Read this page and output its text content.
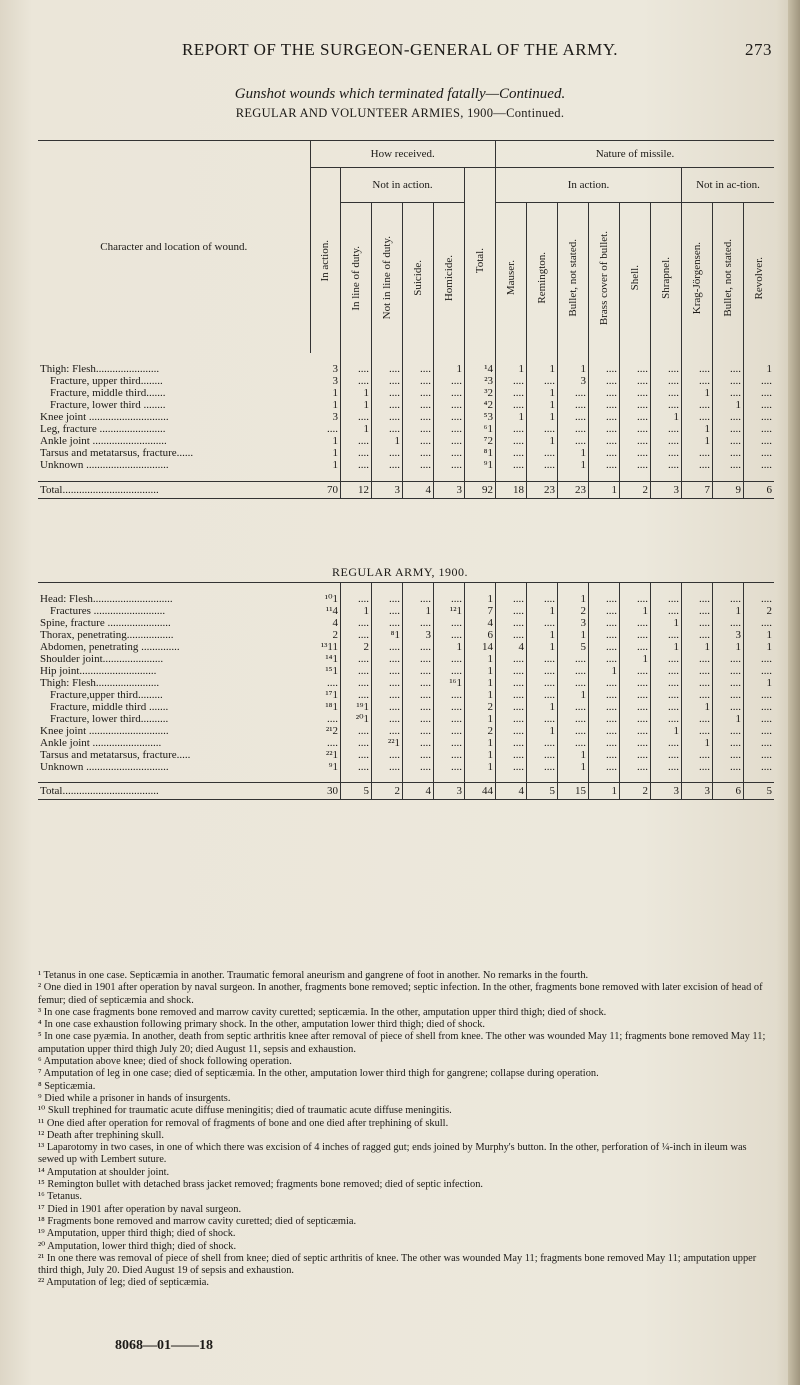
REPORT OF THE SURGEON-GENERAL OF THE ARMY.	273
Gunshot wounds which terminated fatally—Continued.
REGULAR AND VOLUNTEER ARMIES, 1900—Continued.
Character and location of wound.	How received.						Nature of missile.								

	In action.	Not in action.				Total.	In action.						Not in ac-tion.		

		In line of duty.	Not in line of duty.	Suicide.	Homicide.		Mauser.	Remington.	Bullet, not stated.	Brass cover of bullet.	Shell.	Shrapnel.	Krag-Jörgensen.	Bullet, not stated.	Revolver.

Thigh: Flesh.......................	3	....	....	....	1	¹4	1	1	1	....	....	....	....	....	1
Fracture, upper third........	3	....	....	....	....	²3	....	....	3	....	....	....	....	....	....
Fracture, middle third.......	1	1	....	....	....	³2	....	1	....	....	....	....	1	....	....
Fracture, lower third ........	1	1	....	....	....	⁴2	....	1	....	....	....	....	....	1	....
Knee joint .............................	3	....	....	....	....	⁵3	1	1	....	....	....	1	....	....	....
Leg, fracture ........................	....	1	....	....	....	⁶1	....	....	....	....	....	....	1	....	....
Ankle joint ...........................	1	....	1	....	....	⁷2	....	1	....	....	....	....	1	....	....
Tarsus and metatarsus, fracture......	1	....	....	....	....	⁸1	....	....	1	....	....	....	....	....	....
Unknown ..............................	1	....	....	....	....	⁹1	....	....	1	....	....	....	....	....	....

Total...................................	70	12	3	4	3	92	18	23	23	1	2	3	7	9	6
REGULAR ARMY, 1900.

Head: Flesh.............................	¹⁰1	....	....	....	....	1	....	....	1	....	....	....	....	....	....
Fractures ..........................	¹¹4	1	....	1	¹²1	7	....	1	2	....	1	....	....	1	2
Spine, fracture .......................	4	....	....	....	....	4	....	....	3	....	....	1	....	....	....
Thorax, penetrating.................	2	....	⁸1	3	....	6	....	1	1	....	....	....	....	3	1
Abdomen, penetrating ..............	¹³11	2	....	....	1	14	4	1	5	....	....	1	1	1	1
Shoulder joint......................	¹⁴1	....	....	....	....	1	....	....	....	....	1	....	....	....	....
Hip joint............................	¹⁵1	....	....	....	....	1	....	....	....	1	....	....	....	....	....
Thigh: Flesh.......................	....	....	....	....	¹⁶1	1	....	....	....	....	....	....	....	....	1
Fracture,upper third.........	¹⁷1	....	....	....	....	1	....	....	1	....	....	....	....	....	....
Fracture, middle third .......	¹⁸1	¹⁹1	....	....	....	2	....	1	....	....	....	....	1	....	....
Fracture, lower third..........	....	²⁰1	....	....	....	1	....	....	....	....	....	....	....	1	....
Knee joint .............................	²¹2	....	....	....	....	2	....	1	....	....	....	1	....	....	....
Ankle joint .........................	....	....	²²1	....	....	1	....	....	....	....	....	....	1	....	....
Tarsus and metatarsus, fracture.....	²²1	....	....	....	....	1	....	....	1	....	....	....	....	....	....
Unknown ..............................	⁹1	....	....	....	....	1	....	....	1	....	....	....	....	....	....

Total...................................	30	5	2	4	3	44	4	5	15	1	2	3	3	6	5

¹ Tetanus in one case. Septicæmia in another. Traumatic femoral aneurism and gangrene of foot in another. No remarks in the fourth.

² One died in 1901 after operation by naval surgeon. In another, fragments bone removed; septic infection. In the other, fragments bone removed with later excision of head of femur; died of septicæmia and shock.

³ In one case fragments bone removed and marrow cavity curetted; septicæmia. In the other, amputation upper third thigh; died of shock.

⁴ In one case exhaustion following primary shock. In the other, amputation lower third thigh; died of shock.

⁵ In one case pyæmia. In another, death from septic arthritis knee after removal of piece of shell from knee. The other was wounded May 11; fragments bone removed May 11; amputation upper third thigh July 20; died August 11, sepsis and exhaustion.

⁶ Amputation above knee; died of shock following operation.

⁷ Amputation of leg in one case; died of septicæmia. In the other, amputation lower third thigh for gangrene; collapse during operation.

⁸ Septicæmia.

⁹ Died while a prisoner in hands of insurgents.

¹⁰ Skull trephined for traumatic acute diffuse meningitis; died of traumatic acute diffuse meningitis.

¹¹ One died after operation for removal of fragments of bone and one died after trephining of skull.

¹² Death after trephining skull.

¹³ Laparotomy in two cases, in one of which there was excision of 4 inches of ragged gut; ends joined by Murphy's button. In the other, perforation of ¼-inch in ileum was sewed up with Lembert suture.

¹⁴ Amputation at shoulder joint.

¹⁵ Remington bullet with detached brass jacket removed; fragments bone removed; died of septic infection.

¹⁶ Tetanus.

¹⁷ Died in 1901 after operation by naval surgeon.

¹⁸ Fragments bone removed and marrow cavity curetted; died of septicæmia.

¹⁹ Amputation, upper third thigh; died of shock.

²⁰ Amputation, lower third thigh; died of shock.

²¹ In one there was removal of piece of shell from knee; died of septic arthritis of knee. The other was wounded May 11; fragments bone removed May 11; amputation upper third thigh, July 20. Died August 19 of sepsis and exhaustion.

²² Amputation of leg; died of septicæmia.

8068—01——18
